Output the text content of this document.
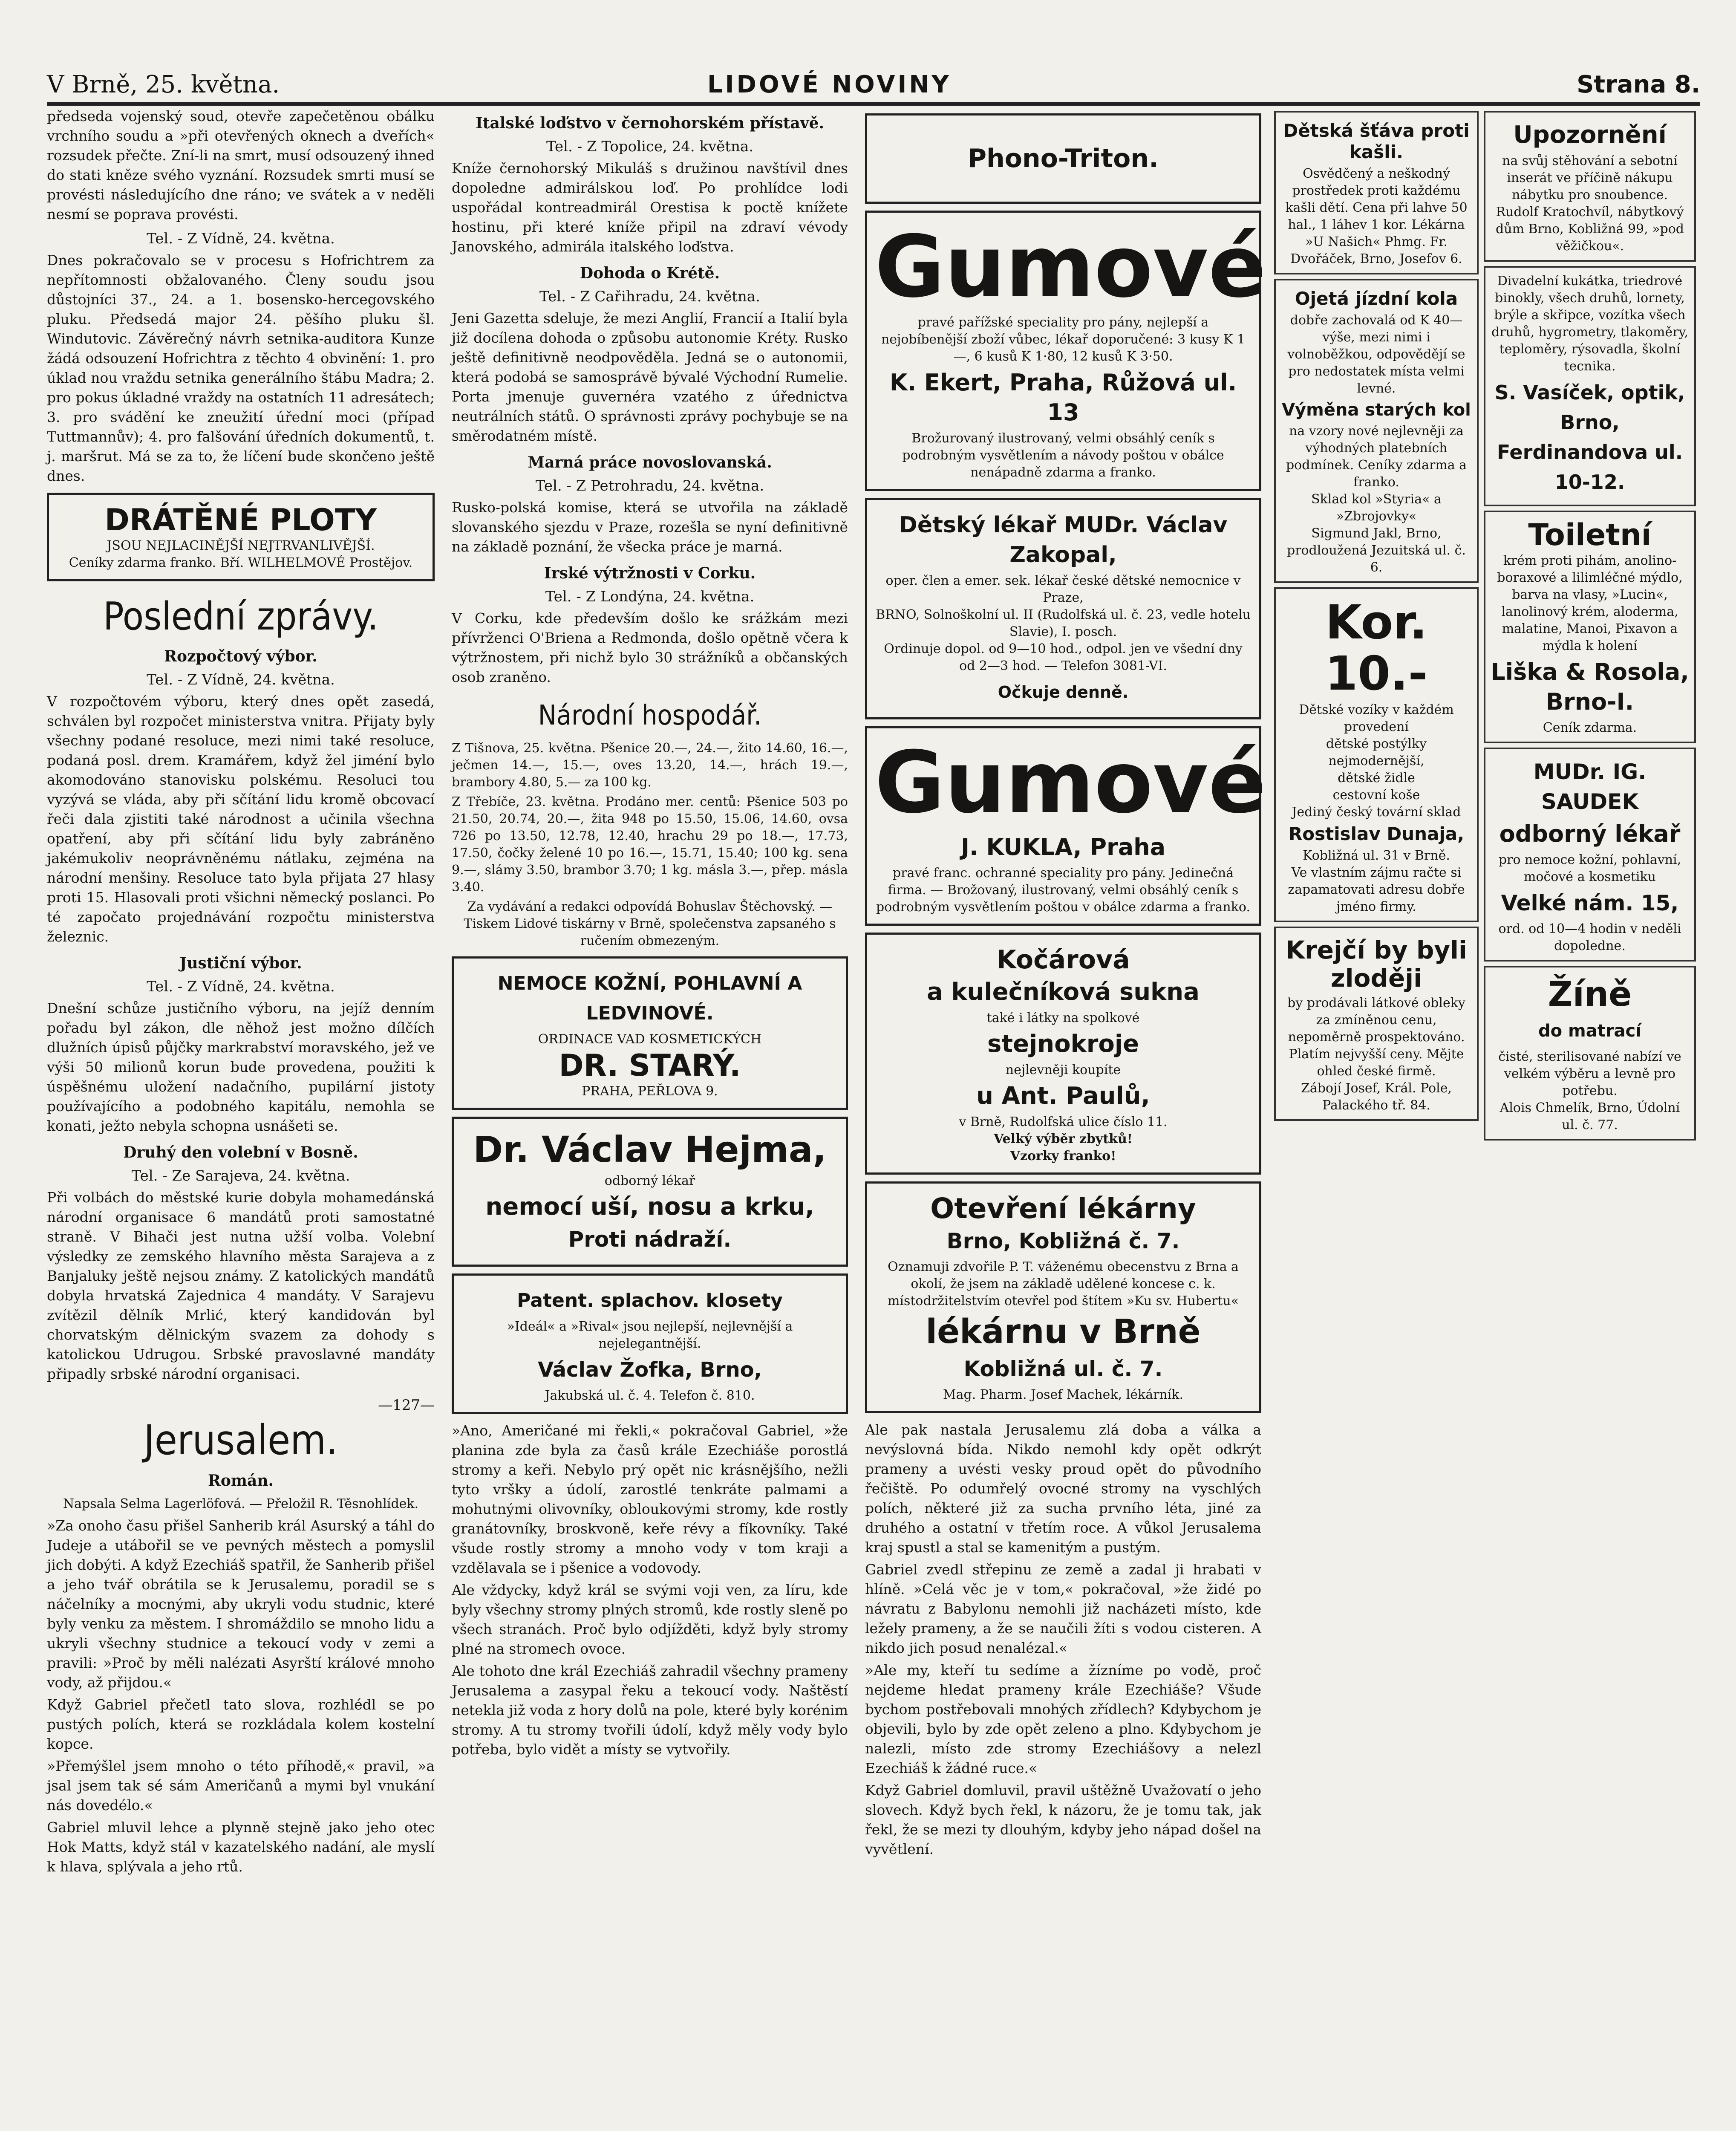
V Brně, 25. května.	LIDOVÉ NOVINY	Strana 8.

předseda vojenský soud, otevře zapečetěnou obálku vrchního soudu a »při otevřených oknech a dveřích« rozsudek přečte. Zní-li na smrt, musí odsouzený ihned do stati kněze svého vyznání. Rozsudek smrti musí se provésti následujícího dne ráno; ve svátek a v neděli nesmí se poprava provésti.

Tel. - Z Vídně, 24. května.

Dnes pokračovalo se v procesu s Hofrichtrem za nepřítomnosti obžalovaného. Členy soudu jsou důstojníci 37., 24. a 1. bosensko-hercegovského pluku. Předsedá major 24. pěšího pluku šl. Windutovic. Závěrečný návrh setnika-auditora Kunze žádá odsouzení Hofrichtra z těchto 4 obvinění: 1. pro úklad nou vraždu setnika generálního štábu Madra; 2. pro pokus úkladné vraždy na ostatních 11 adresátech; 3. pro svádění ke zneužití úřední moci (případ Tuttmannův); 4. pro falšování úředních dokumentů, t. j. maršrut. Má se za to, že líčení bude skončeno ještě dnes.

DRÁTĚNÉ PLOTY
JSOU NEJLACINĚJŠÍ NEJTRVANLIVĚJŠÍ.
Ceníky zdarma franko. Bří. WILHELMOVÉ Prostějov.
Poslední zprávy.
Rozpočtový výbor.
Tel. - Z Vídně, 24. května.

V rozpočtovém výboru, který dnes opět zasedá, schválen byl rozpočet ministerstva vnitra. Přijaty byly všechny podané resoluce, mezi nimi také resoluce, podaná posl. drem. Kramářem, když žel jiméní bylo akomodováno stanovisku polskému. Resoluci tou vyzývá se vláda, aby při sčítání lidu kromě obcovací řeči dala zjistiti také národnost a učinila všechna opatření, aby při sčítání lidu byly zabráněno jakémukoliv neoprávněnému nátlaku, zejména na národní menšiny. Resoluce tato byla přijata 27 hlasy proti 15. Hlasovali proti všichni německý poslanci. Po té započato projednávání rozpočtu ministerstva železnic.

Justiční výbor.
Tel. - Z Vídně, 24. května.

Dnešní schůze justičního výboru, na jejíž denním pořadu byl zákon, dle něhož jest možno dílčích dlužních úpisů půjčky markrabství moravského, jež ve výši 50 milionů korun bude provedena, použiti k úspěšnému uložení nadačního, pupilární jistoty používajícího a podobného kapitálu, nemohla se konati, ježto nebyla schopna usnášeti se.

Druhý den volební v Bosně.
Tel. - Ze Sarajeva, 24. května.

Při volbách do městské kurie dobyla mohamedánská národní organisace 6 mandátů proti samostatné straně. V Bihači jest nutna užší volba. Volební výsledky ze zemského hlavního města Sarajeva a z Banjaluky ještě nejsou známy. Z katolických mandátů dobyla hrvatská Zajednica 4 mandáty. V Sarajevu zvítězil dělník Mrlić, který kandidován byl chorvatským dělnickým svazem za dohody s katolickou Udrugou. Srbské pravoslavné mandáty připadly srbské národní organisaci.

—127—
Jerusalem.
Román.
Napsala Selma Lagerlöfová. — Přeložil R. Těsnohlídek.

»Za onoho času přišel Sanherib král Asurský a táhl do Judeje a utábořil se ve pevných městech a pomyslil jich dobýti. A když Ezechiáš spatřil, že Sanherib přišel a jeho tvář obrátila se k Jerusalemu, poradil se s náčelníky a mocnými, aby ukryli vodu studnic, které byly venku za městem. I shromáždilo se mnoho lidu a ukryli všechny studnice a tekoucí vody v zemi a pravili: »Proč by měli nalézati Asyrští králové mnoho vody, až přijdou.«

Když Gabriel přečetl tato slova, rozhlédl se po pustých polích, která se rozkládala kolem kostelní kopce.

»Přemýšlel jsem mnoho o této příhodě,« pravil, »a jsal jsem tak sé sám Američanů a mymi byl vnukání nás dovedélo.«

Gabriel mluvil lehce a plynně stejně jako jeho otec Hok Matts, když stál v kazatelského nadání, ale myslí k hlava, splývala a jeho rtů.

Italské loďstvo v černohorském přístavě.
Tel. - Z Topolice, 24. května.

Kníže černohorský Mikuláš s družinou navštívil dnes dopoledne admirálskou loď. Po prohlídce lodi uspořádal kontreadmirál Orestisa k poctě knížete hostinu, při které kníže připil na zdraví vévody Janovského, admirála italského loďstva.

Dohoda o Krétě.
Tel. - Z Cařihradu, 24. května.

Jeni Gazetta sdeluje, že mezi Anglií, Francií a Italií byla již docílena dohoda o způsobu autonomie Kréty. Rusko ještě definitivně neodpověděla. Jedná se o autonomii, která podobá se samosprávě bývalé Východní Rumelie. Porta jmenuje guvernéra vzatého z úřednictva neutrálních států. O správnosti zprávy pochybuje se na směrodatném místě.

Marná práce novoslovanská.
Tel. - Z Petrohradu, 24. května.

Rusko-polská komise, která se utvořila na základě slovanského sjezdu v Praze, rozešla se nyní definitivně na základě poznání, že všecka práce je marná.

Irské výtržnosti v Corku.
Tel. - Z Londýna, 24. května.

V Corku, kde především došlo ke srážkám mezi přívrženci O'Briena a Redmonda, došlo opětně včera k výtržnostem, při nichž bylo 30 strážníků a občanských osob zraněno.

Národní hospodář.

Z Tišnova, 25. května. Pšenice 20.—, 24.—, žito 14.60, 16.—, ječmen 14.—, 15.—, oves 13.20, 14.—, hrách 19.—, brambory 4.80, 5.— za 100 kg.

Z Třebíče, 23. května. Prodáno mer. centů: Pšenice 503 po 21.50, 20.74, 20.—, žita 948 po 15.50, 15.06, 14.60, ovsa 726 po 13.50, 12.78, 12.40, hrachu 29 po 18.—, 17.73, 17.50, čočky želené 10 po 16.—, 15.71, 15.40; 100 kg. sena 9.—, slámy 3.50, brambor 3.70; 1 kg. másla 3.—, přep. másla 3.40.

Za vydávání a redakci odpovídá Bohuslav Štěchovský. — Tiskem Lidové tiskárny v Brně, společenstva zapsaného s ručením obmezeným.

NEMOCE KOŽNÍ, POHLAVNÍ A LEDVINOVÉ.
ORDINACE VAD KOSMETICKÝCH
DR. STARÝ.
PRAHA, PEŘLOVA 9.
Dr. Václav Hejma,
odborný lékař
nemocí uší, nosu a krku,
Proti nádraží.
Patent. splachov. klosety
»Ideál« a »Rival« jsou nejlepší, nejlevnější a nejelegantnější.
Václav Žofka, Brno,
Jakubská ul. č. 4. Telefon č. 810.

»Ano, Američané mi řekli,« pokračoval Gabriel, »že planina zde byla za časů krále Ezechiáše porostlá stromy a keři. Nebylo prý opět nic krásnějšího, nežli tyto vršky a údolí, zarostlé tenkráte palmami a mohutnými olivovníky, obloukovými stromy, kde rostly granátovníky, broskvoně, keře révy a fíkovníky. Také všude rostly stromy a mnoho vody v tom kraji a vzdělavala se i pšenice a vodovody.

Ale vždycky, když král se svými voji ven, za líru, kde byly všechny stromy plných stromů, kde rostly sleně po všech stranách. Proč bylo odjížděti, když byly stromy plné na stromech ovoce.

Ale tohoto dne král Ezechiáš zahradil všechny prameny Jerusalema a zasypal řeku a tekoucí vody. Naštěstí netekla již voda z hory dolů na pole, které byly korénim stromy. A tu stromy tvořili údolí, když měly vody bylo potřeba, bylo vidět a místy se vytvořily.

Phono-Triton.
Gumové
pravé pařížské speciality pro pány, nejlepší a nejobíbenější zboží vůbec, lékař doporučené: 3 kusy K 1—, 6 kusů K 1·80, 12 kusů K 3·50.
K. Ekert, Praha, Růžová ul. 13
Brožurovaný ilustrovaný, velmi obsáhlý ceník s podrobným vysvětlením a návody poštou v obálce nenápadně zdarma a franko.
Dětský lékař MUDr. Václav Zakopal,
oper. člen a emer. sek. lékař české dětské nemocnice v Praze,
BRNO, Solnoškolní ul. II (Rudolfská ul. č. 23, vedle hotelu Slavie), I. posch.
Ordinuje dopol. od 9—10 hod., odpol. jen ve všední dny od 2—3 hod. — Telefon 3081-VI.
Očkuje denně.
Gumové
J. KUKLA, Praha
pravé franc. ochranné speciality pro pány. Jedinečná firma. — Brožovaný, ilustrovaný, velmi obsáhlý ceník s podrobným vysvětlením poštou v obálce zdarma a franko.
Kočárová
a kulečníková sukna
také i látky na spolkové
stejnokroje
nejlevněji koupíte
u Ant. Paulů,
v Brně, Rudolfská ulice číslo 11.
Velký výběr zbytků!
Vzorky franko!
Otevření lékárny
Brno, Kobližná č. 7.
Oznamuji zdvořile P. T. váženému obecenstvu z Brna a okolí, že jsem na základě udělené koncese c. k. místodržitelstvím otevřel pod štítem »Ku sv. Hubertu«
lékárnu v Brně
Kobližná ul. č. 7.
Mag. Pharm. Josef Machek, lékárník.

Ale pak nastala Jerusalemu zlá doba a válka a nevýslovná bída. Nikdo nemohl kdy opět odkrýt prameny a uvésti vesky proud opět do původního řečiště. Po odumřelý ovocné stromy na vyschlých polích, některé již za sucha prvního léta, jiné za druhého a ostatní v třetím roce. A vůkol Jerusalema kraj spustl a stal se kamenitým a pustým.

Gabriel zvedl střepinu ze země a zadal ji hrabati v hlíně. »Celá věc je v tom,« pokračoval, »že židé po návratu z Babylonu nemohli již nacházeti místo, kde ležely prameny, a že se naučili žíti s vodou cisteren. A nikdo jich posud nenalézal.«

»Ale my, kteří tu sedíme a žízníme po vodě, proč nejdeme hledat prameny krále Ezechiáše? Všude bychom postřebovali mnohých zřídlech? Kdybychom je objevili, bylo by zde opět zeleno a plno. Kdybychom je nalezli, místo zde stromy Ezechiášovy a nelezl Ezechiáš k žádné ruce.«

Když Gabriel domluvil, pravil uštěžně Uvažovatí o jeho slovech. Když bych řekl, k názoru, že je tomu tak, jak řekl, že se mezi ty dlouhým, kdyby jeho nápad došel na vyvětlení.

Dětská šťáva proti kašli.
Osvědčený a neškodný prostředek proti každému kašli dětí. Cena při lahve 50 hal., 1 láhev 1 kor. Lékárna »U Našich« Phmg. Fr. Dvořáček, Brno, Josefov 6.
Ojetá jízdní kola
dobře zachovalá od K 40— výše, mezi nimi i volnoběžkou, odpovědějí se pro nedostatek místa velmi levné.
Výměna starých kol
na vzory nové nejlevněji za výhodných platebních podmínek. Ceníky zdarma a franko.
Sklad kol »Styria« a »Zbrojovky«
Sigmund Jakl, Brno, prodloužená Jezuitská ul. č. 6.
Kor. 10.-
Dětské vozíky v každém provedení
dětské postýlky nejmodernější,
dětské židle
cestovní koše
Jediný český tovární sklad
Rostislav Dunaja,
Kobližná ul. 31 v Brně.
Ve vlastním zájmu račte si zapamatovati adresu dobře jméno firmy.
Krejčí by byli zloději
by prodávali látkové obleky za zmíněnou cenu, nepoměrně prospektováno. Platím nejvyšší ceny. Mějte ohled české firmě.
Zábojí Josef, Král. Pole, Palackého tř. 84.
Upozornění
na svůj stěhování a sebotní inserát ve příčině nákupu nábytku pro snoubence.
Rudolf Kratochvíl, nábytkový dům Brno, Kobližná 99, »pod věžičkou«.
Divadelní kukátka, triedrové binokly, všech druhů, lornety, brýle a skřipce, vozítka všech druhů, hygrometry, tlakoměry, teploměry, rýsovadla, školní tecnika.
S. Vasíček, optik, Brno, Ferdinandova ul. 10-12.
Toiletní
krém proti pihám, anolino-boraxové a lilimléčné mýdlo, barva na vlasy, »Lucin«, lanolinový krém, aloderma, malatine, Manoi, Pixavon a mýdla k holení
Liška & Rosola, Brno-I.
Ceník zdarma.
MUDr. IG. SAUDEK
odborný lékař
pro nemoce kožní, pohlavní, močové a kosmetiku
Velké nám. 15,
ord. od 10—4 hodin v neděli dopoledne.
Žíně
do matrací
čisté, sterilisované nabízí ve velkém výběru a levně pro potřebu.
Alois Chmelík, Brno, Údolní ul. č. 77.
